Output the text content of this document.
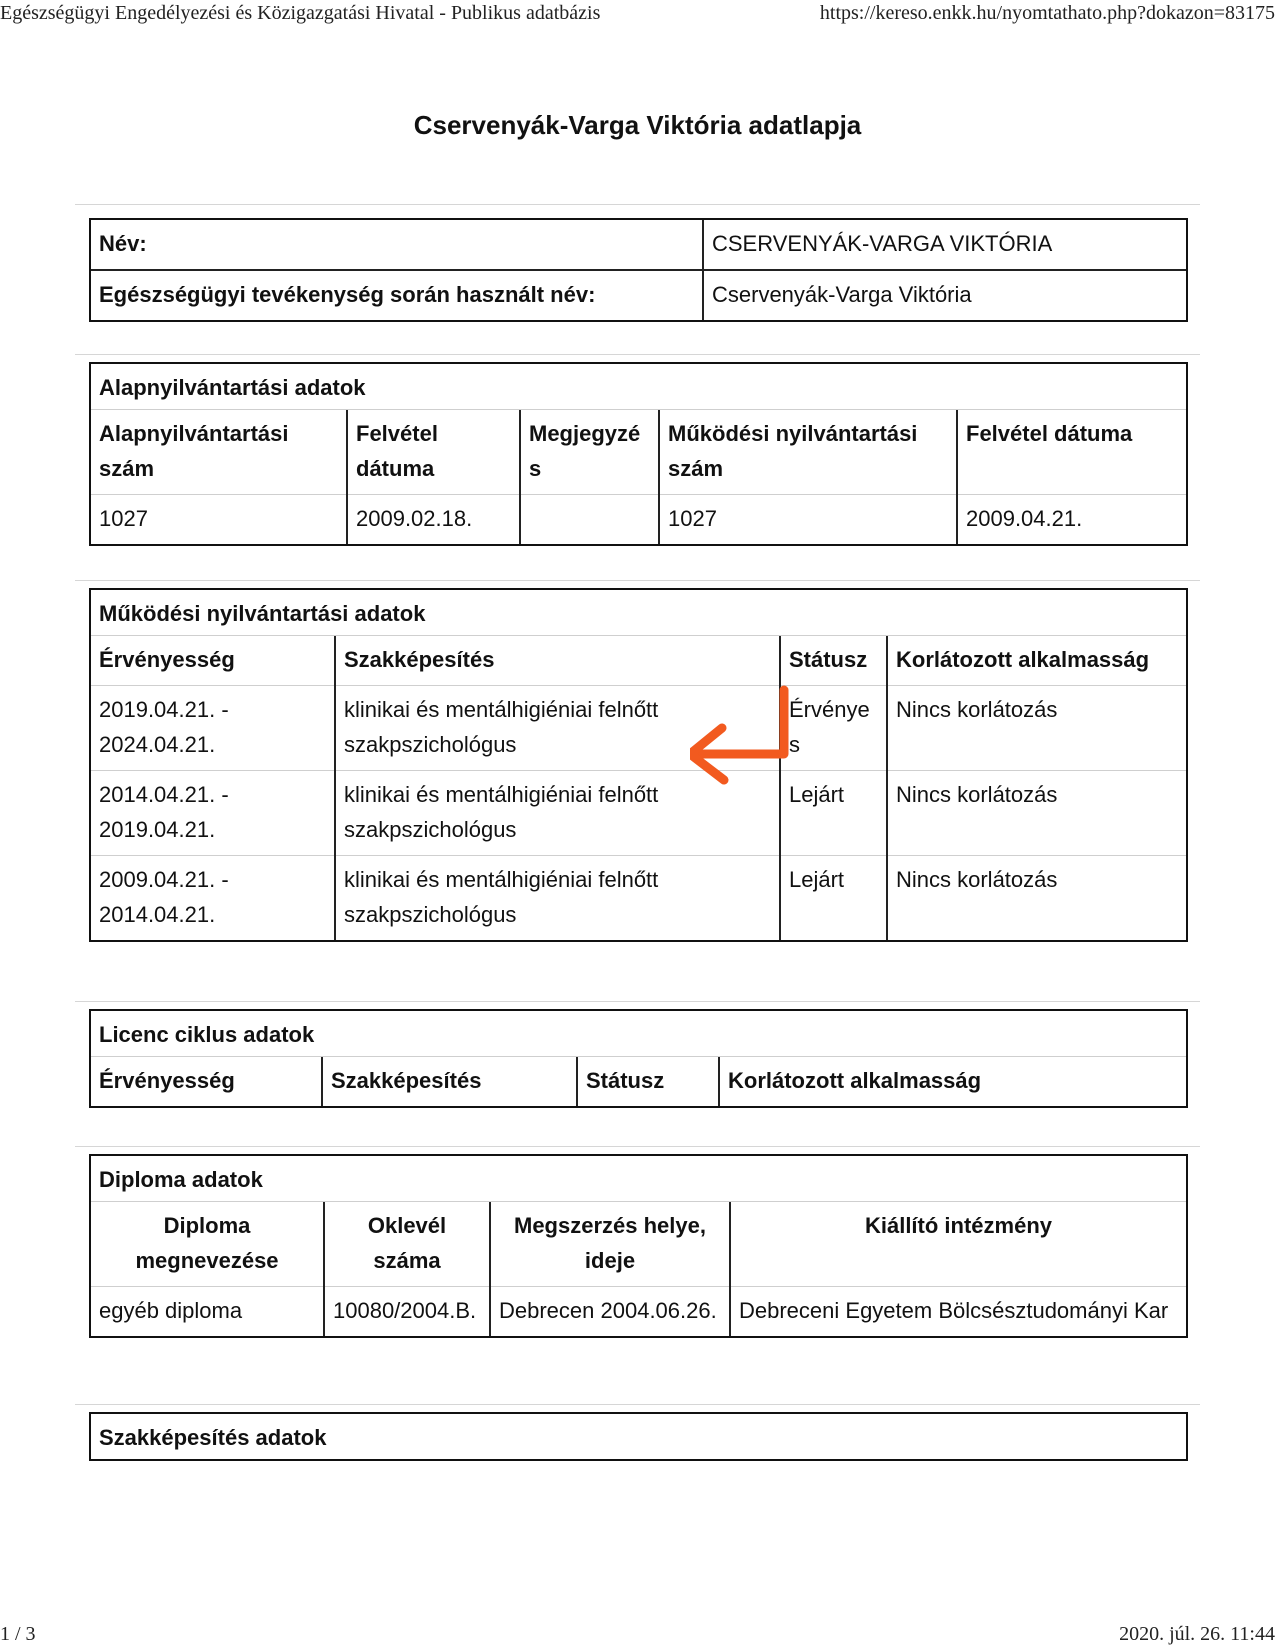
Egészségügyi Engedélyezési és Közigazgatási Hivatal - Publikus adatbázis	https://kereso.enkk.hu/nyomtathato.php?dokazon=83175
Cservenyák-Varga Viktória adatlapja
Név:	CSERVENYÁK-VARGA VIKTÓRIA
Egészségügyi tevékenység során használt név:	Cservenyák-Varga Viktória
Alapnyilvántartási adatok
Alapnyilvántartási szám	Felvétel dátuma	Megjegyzés	Működési nyilvántartási szám	Felvétel dátuma
1027	2009.02.18.		1027	2009.04.21.
Működési nyilvántartási adatok
Érvényesség	Szakképesítés	Státusz	Korlátozott alkalmasság
2019.04.21. - 2024.04.21.	klinikai és mentálhigiéniai felnőtt szakpszichológus	Érvényes	Nincs korlátozás
2014.04.21. - 2019.04.21.	klinikai és mentálhigiéniai felnőtt szakpszichológus	Lejárt	Nincs korlátozás
2009.04.21. - 2014.04.21.	klinikai és mentálhigiéniai felnőtt szakpszichológus	Lejárt	Nincs korlátozás
Licenc ciklus adatok
Érvényesség	Szakképesítés	Státusz	Korlátozott alkalmasság
Diploma adatok
Diploma megnevezése	Oklevél száma	Megszerzés helye, ideje	Kiállító intézmény
egyéb diploma	10080/2004.B.	Debrecen 2004.06.26.	Debreceni Egyetem Bölcsésztudományi Kar
Szakképesítés adatok
1 / 3	2020. júl. 26. 11:44
